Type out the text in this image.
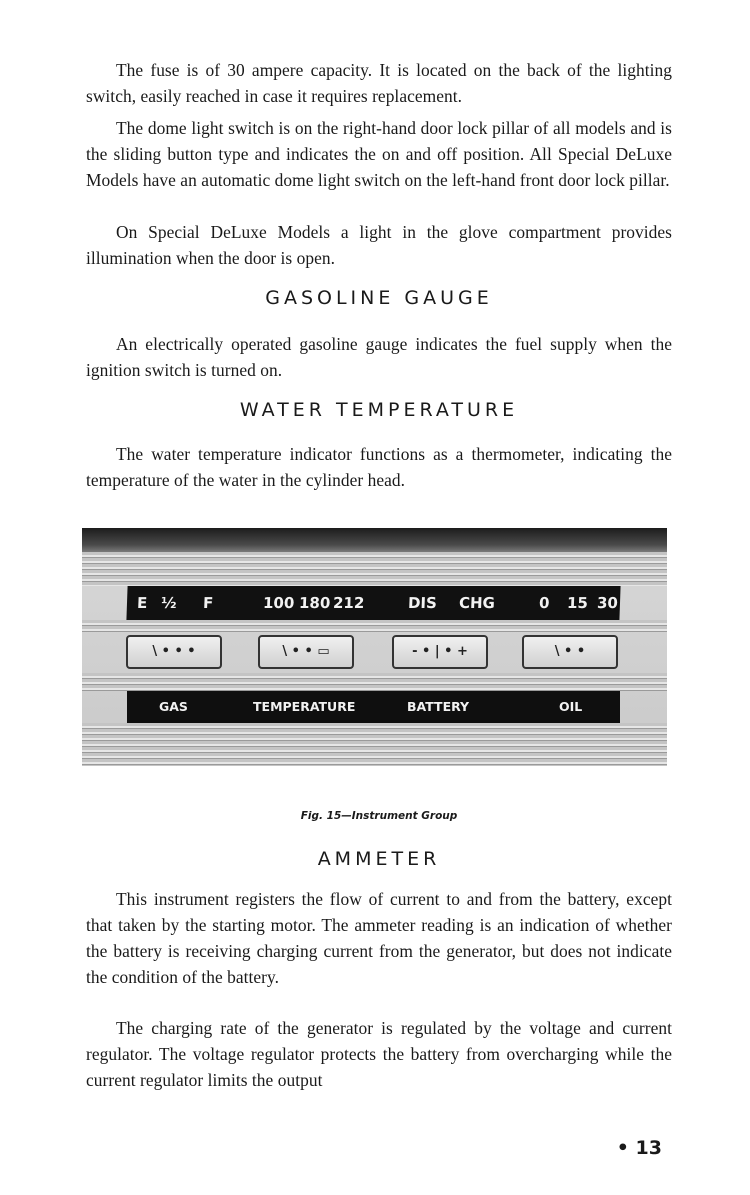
The fuse is of 30 ampere capacity. It is located on the back of the lighting switch, easily reached in case it requires replacement.

The dome light switch is on the right-hand door lock pillar of all models and is the sliding button type and indicates the on and off position. All Special DeLuxe Models have an automatic dome light switch on the left-hand front door lock pillar.

On Special DeLuxe Models a light in the glove compartment provides illumination when the door is open.

GASOLINE GAUGE

An electrically operated gasoline gauge indicates the fuel supply when the ignition switch is turned on.

WATER TEMPERATURE

The water temperature indicator functions as a thermometer, indicating the temperature of the water in the cylinder head.

E ½ F	100 180 212	DIS CHG	0 15 30
\ • • •	\ • • ▭	- • | • +	\ • •
GAS	TEMPERATURE	BATTERY	OIL

Fig. 15—Instrument Group

AMMETER

This instrument registers the flow of current to and from the battery, except that taken by the starting motor. The ammeter reading is an indication of whether the battery is receiving charging current from the generator, but does not indicate the condition of the battery.

The charging rate of the generator is regulated by the voltage and current regulator. The voltage regulator protects the battery from overcharging while the current regulator limits the output

• 13
